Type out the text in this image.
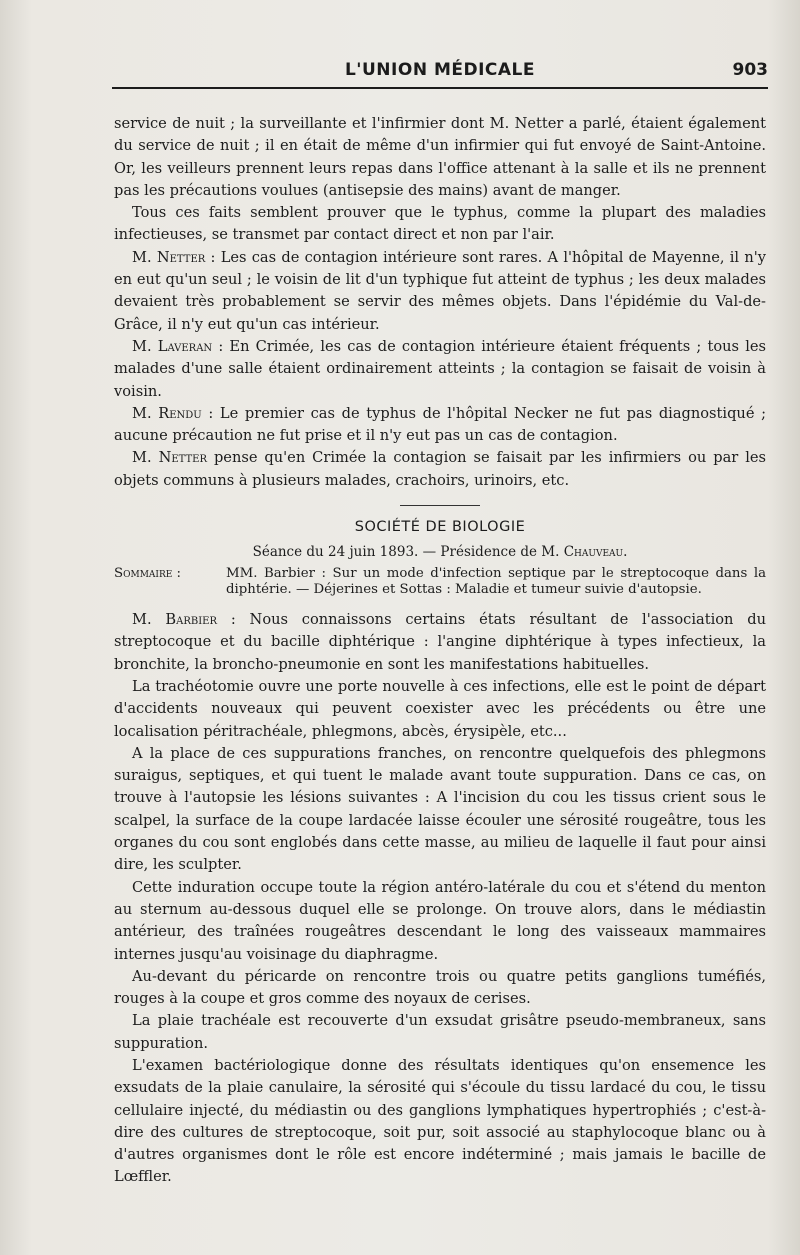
L'UNION MÉDICALE	903

service de nuit ; la surveillante et l'infirmier dont M. Netter a parlé, étaient également du service de nuit ; il en était de même d'un infirmier qui fut envoyé de Saint-Antoine. Or, les veilleurs prennent leurs repas dans l'office attenant à la salle et ils ne prennent pas les précautions voulues (antisepsie des mains) avant de manger.

Tous ces faits semblent prouver que le typhus, comme la plupart des maladies infectieuses, se transmet par contact direct et non par l'air.

M. Netter : Les cas de contagion intérieure sont rares. A l'hôpital de Mayenne, il n'y en eut qu'un seul ; le voisin de lit d'un typhique fut atteint de typhus ; les deux malades devaient très probablement se servir des mêmes objets. Dans l'épidémie du Val-de-Grâce, il n'y eut qu'un cas intérieur.

M. Laveran : En Crimée, les cas de contagion intérieure étaient fréquents ; tous les malades d'une salle étaient ordinairement atteints ; la contagion se faisait de voisin à voisin.

M. Rendu : Le premier cas de typhus de l'hôpital Necker ne fut pas diagnostiqué ; aucune précaution ne fut prise et il n'y eut pas un cas de contagion.

M. Netter pense qu'en Crimée la contagion se faisait par les infirmiers ou par les objets communs à plusieurs malades, crachoirs, urinoirs, etc.

SOCIÉTÉ DE BIOLOGIE
Séance du 24 juin 1893. — Présidence de M. Chauveau.
Sommaire :	MM. Barbier : Sur un mode d'infection septique par le streptocoque dans la diphtérie. — Déjerines et Sottas : Maladie et tumeur suivie d'autopsie.

M. Barbier : Nous connaissons certains états résultant de l'association du streptocoque et du bacille diphtérique : l'angine diphtérique à types infectieux, la bronchite, la broncho-pneumonie en sont les manifestations habituelles.

La trachéotomie ouvre une porte nouvelle à ces infections, elle est le point de départ d'accidents nouveaux qui peuvent coexister avec les précédents ou être une localisation péritrachéale, phlegmons, abcès, érysipèle, etc...

A la place de ces suppurations franches, on rencontre quelquefois des phlegmons suraigus, septiques, et qui tuent le malade avant toute suppuration. Dans ce cas, on trouve à l'autopsie les lésions suivantes : A l'incision du cou les tissus crient sous le scalpel, la surface de la coupe lardacée laisse écouler une sérosité rougeâtre, tous les organes du cou sont englobés dans cette masse, au milieu de laquelle il faut pour ainsi dire, les sculpter.

Cette induration occupe toute la région antéro-latérale du cou et s'étend du menton au sternum au-dessous duquel elle se prolonge. On trouve alors, dans le médiastin antérieur, des traînées rougeâtres descendant le long des vaisseaux mammaires internes jusqu'au voisinage du diaphragme.

Au-devant du péricarde on rencontre trois ou quatre petits ganglions tuméfiés, rouges à la coupe et gros comme des noyaux de cerises.

La plaie trachéale est recouverte d'un exsudat grisâtre pseudo-membraneux, sans suppuration.

L'examen bactériologique donne des résultats identiques qu'on ensemence les exsudats de la plaie canulaire, la sérosité qui s'écoule du tissu lardacé du cou, le tissu cellulaire injecté, du médiastin ou des ganglions lymphatiques hypertrophiés ; c'est-à-dire des cultures de streptocoque, soit pur, soit associé au staphylocoque blanc ou à d'autres organismes dont le rôle est encore indéterminé ; mais jamais le bacille de Lœffler.
